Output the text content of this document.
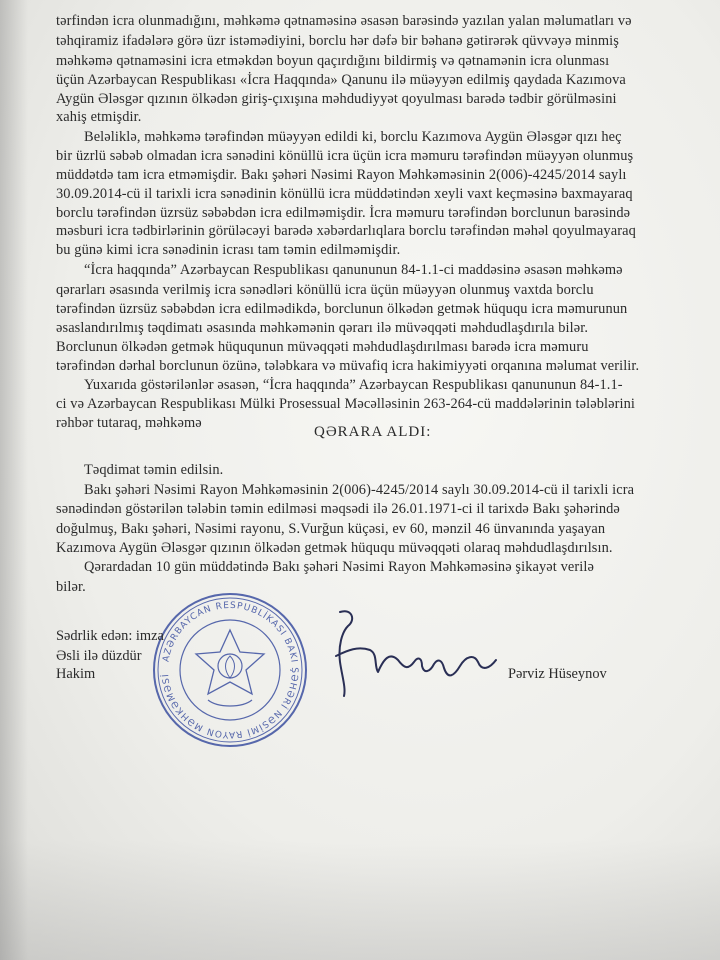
tərfindən icra olunmadığını, məhkəmə qətnaməsinə əsasən barəsində yazılan yalan məlumatları və
təhqiramiz ifadələrə görə üzr istəmədiyini, borclu hər dəfə bir bəhanə gətirərək qüvvəyə minmiş
məhkəmə qətnaməsini icra etməkdən boyun qaçırdığını bildirmiş və qətnamənin icra olunması
üçün Azərbaycan Respublikası «İcra Haqqında» Qanunu ilə müəyyən edilmiş qaydada Kazımova
Aygün Ələsgər qızının ölkədən giriş-çıxışına məhdudiyyət qoyulması barədə tədbir görülməsini
xahiş etmişdir.
Beləliklə, məhkəmə tərəfindən müəyyən edildi ki, borclu Kazımova Aygün Ələsgər qızı heç
bir üzrlü səbəb olmadan icra sənədini könüllü icra üçün icra məmuru tərəfindən müəyyən olunmuş
müddətdə tam icra etməmişdir. Bakı şəhəri Nəsimi Rayon Məhkəməsinin 2(006)-4245/2014 saylı
30.09.2014-cü il tarixli icra sənədinin könüllü icra müddətindən xeyli vaxt keçməsinə baxmayaraq
borclu tərəfindən üzrsüz səbəbdən icra edilməmişdir. İcra məmuru tərəfindən borclunun barəsində
məsburi icra tədbirlərinin görüləcəyi barədə xəbərdarlıqlara borclu tərəfindən məhəl qoyulmayaraq
bu günə kimi icra sənədinin icrası tam təmin edilməmişdir.
“İcra haqqında” Azərbaycan Respublikası qanununun 84-1.1-ci maddəsinə əsasən məhkəmə
qərarları əsasında verilmiş icra sənədləri könüllü icra üçün müəyyən olunmuş vaxtda borclu
tərəfindən üzrsüz səbəbdən icra edilmədikdə, borclunun ölkədən getmək hüququ icra məmurunun
əsaslandırılmış təqdimatı əsasında məhkəmənin qərarı ilə müvəqqəti məhdudlaşdırıla bilər.
Borclunun ölkədən getmək hüququnun müvəqqəti məhdudlaşdırılması barədə icra məmuru
tərəfindən dərhal borclunun özünə, tələbkara və müvafiq icra hakimiyyəti orqanına məlumat verilir.
Yuxarıda göstərilənlər əsasən, “İcra haqqında” Azərbaycan Respublikası qanununun 84-1.1-
ci və Azərbaycan Respublikası Mülki Prosessual Məcəlləsinin 263-264-cü maddələrinin tələblərini
rəhbər tutaraq, məhkəmə
QƏRARA ALDI:
Təqdimat təmin edilsin.
Bakı şəhəri Nəsimi Rayon Məhkəməsinin 2(006)-4245/2014 saylı 30.09.2014-cü il tarixli icra
sənədindən göstərilən tələbin təmin edilməsi məqsədi ilə 26.01.1971-ci il tarixdə Bakı şəhərində
doğulmuş, Bakı şəhəri, Nəsimi rayonu, S.Vurğun küçəsi, ev 60, mənzil 46 ünvanında yaşayan
Kazımova Aygün Ələsgər qızının ölkədən getmək hüququ müvəqqəti olaraq məhdudlaşdırılsın.
Qərardadan 10 gün müddətində Bakı şəhəri Nəsimi Rayon Məhkəməsinə şikayət verilə
bilər.
AZƏRBAYCAN RESPUBLİKASI BAKI ŞƏHƏRİ NƏSİMİ RAYON MƏHKƏMƏSİ
Sədrlik edən: imza
Əsli ilə düzdür
Hakim	Pərviz Hüseynov
